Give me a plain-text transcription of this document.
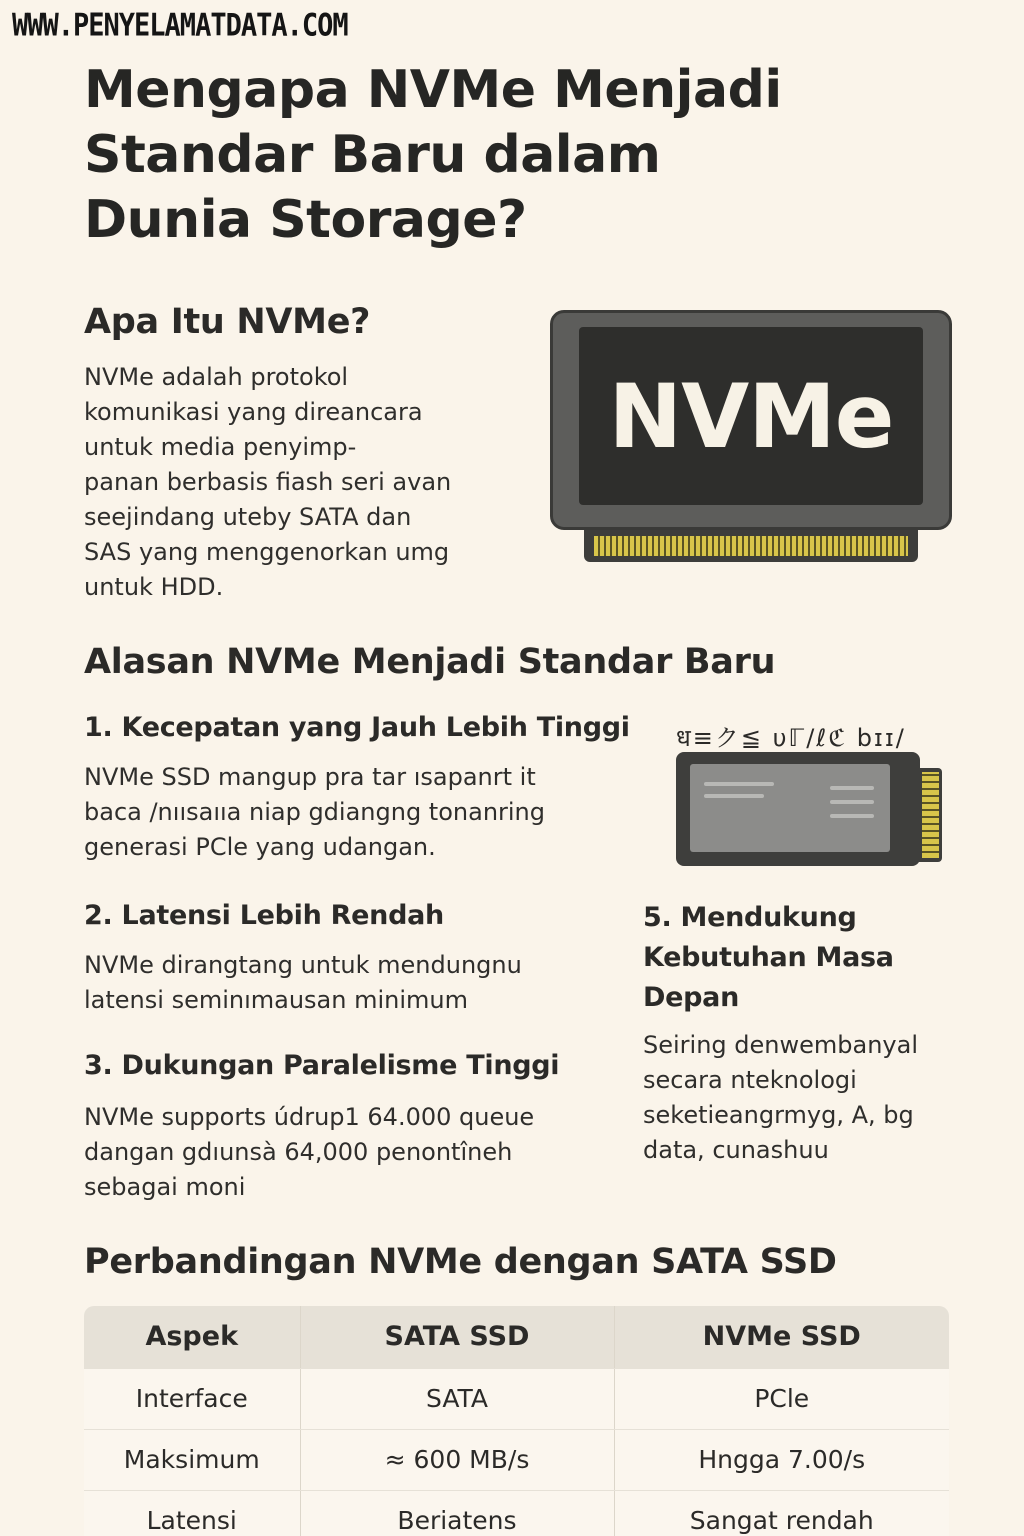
WWW.PENYELAMATDATA.COM
Mengapa NVMe Menjadi Standar Baru dalam Dunia Storage?
Apa Itu NVMe?

NVMe adalah protokol
komunikasi yang direancara
untuk media penyimp-
panan berbasis fiash seri avan
seejindang uteby SATA dan
SAS yang menggenorkan umg
untuk HDD.

NVMe
Alasan NVMe Menjadi Standar Baru
1. Kecepatan yang Jauh Lebih Tinggi

NVMe SSD mangup pra tar ısapanrt it
baca /nıısaııa niap gdiangng tonanring
generasi PCle yang udangan.

ध≡ク≦ υℾ∕ℓℭ bɪɪ/
2. Latensi Lebih Rendah

NVMe dirangtang untuk mendungnu
latensi seminımausan minimum

3. Dukungan Paralelisme Tinggi

NVMe supports údrup1 64.000 queue
dangan gdıunsà 64,000 penontîneh
sebagai moni

5. Mendukung
Kebutuhan Masa
Depan

Seiring denwembanyal
secara nteknologi
seketieangrmyg, A, bg
data, cunashuu

Perbandingan NVMe dengan SATA SSD
Aspek	SATA SSD	NVMe SSD
Interface	SATA	PCle
Maksimum	≈ 600 MB/s	Hngga 7.00/s
Latensi	Beriatens	Sangat rendah
